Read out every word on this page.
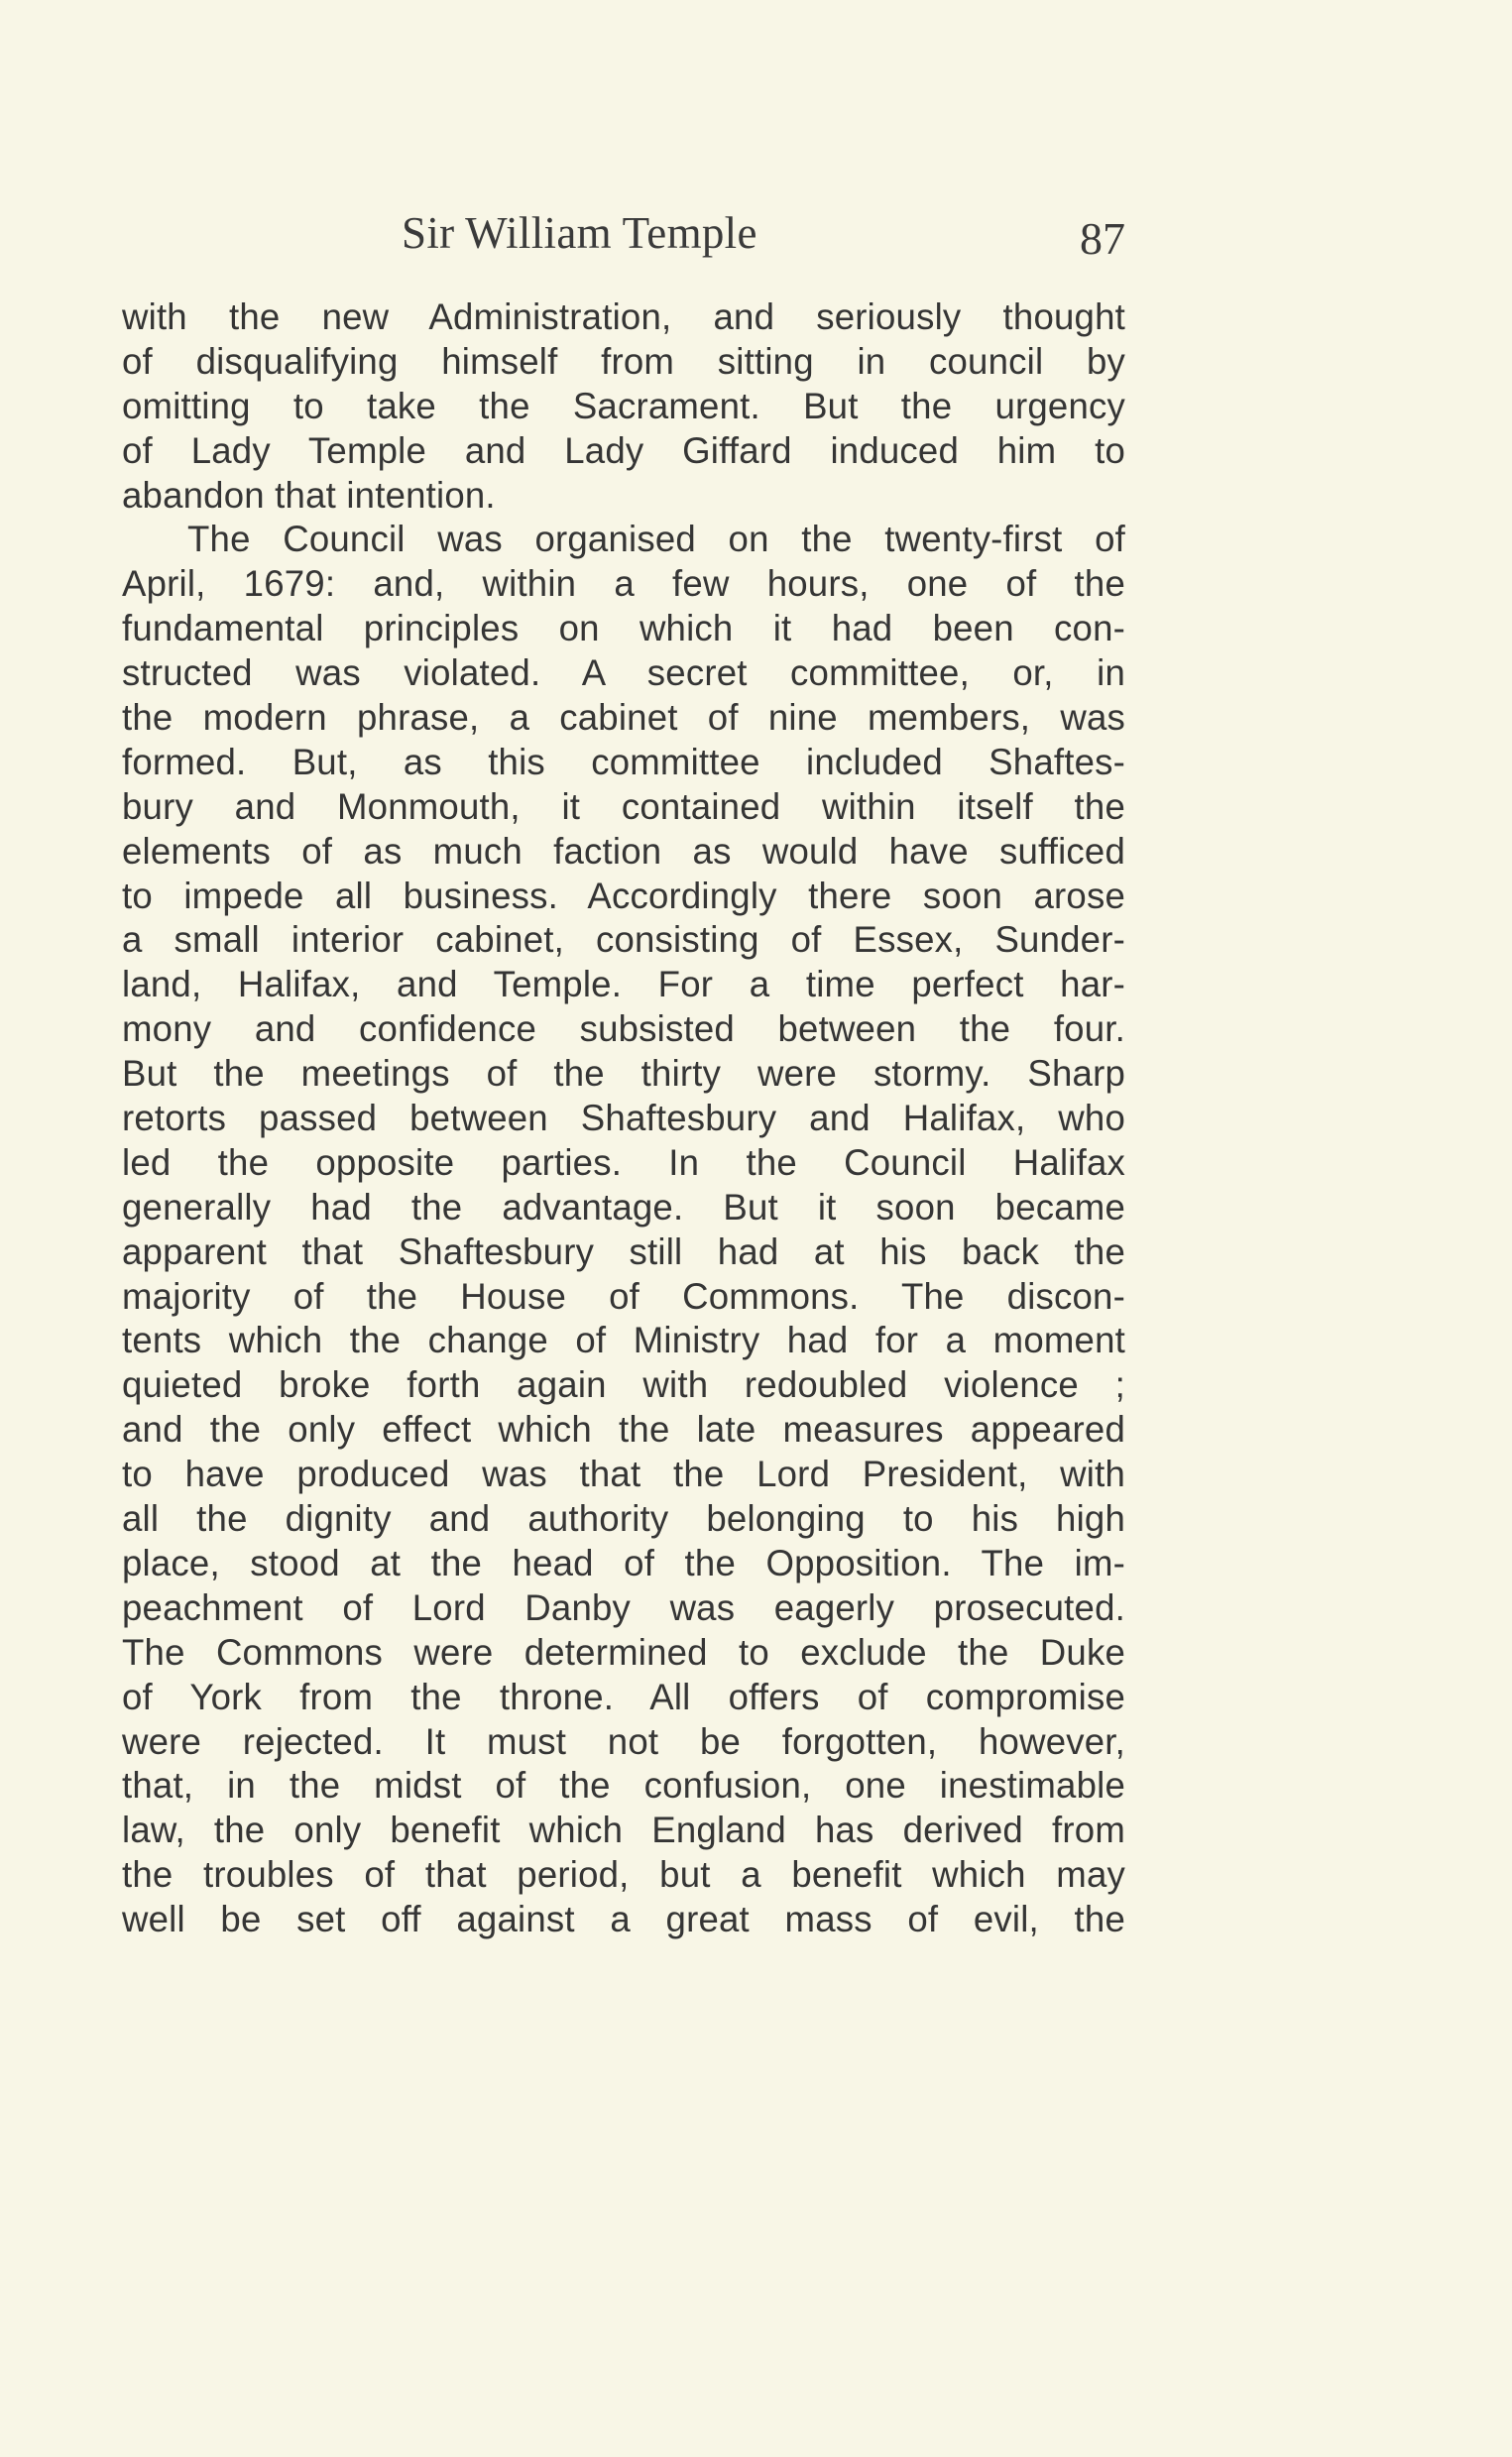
Sir William Temple	87
with the new Administration, and seriously thought
of disqualifying himself from sitting in council by
omitting to take the Sacrament. But the urgency
of Lady Temple and Lady Giffard induced him to
abandon that intention.
The Council was organised on the twenty-first of
April, 1679: and, within a few hours, one of the
fundamental principles on which it had been con-
structed was violated. A secret committee, or, in
the modern phrase, a cabinet of nine members, was
formed. But, as this committee included Shaftes-
bury and Monmouth, it contained within itself the
elements of as much faction as would have sufficed
to impede all business. Accordingly there soon arose
a small interior cabinet, consisting of Essex, Sunder-
land, Halifax, and Temple. For a time perfect har-
mony and confidence subsisted between the four.
But the meetings of the thirty were stormy. Sharp
retorts passed between Shaftesbury and Halifax, who
led the opposite parties. In the Council Halifax
generally had the advantage. But it soon became
apparent that Shaftesbury still had at his back the
majority of the House of Commons. The discon-
tents which the change of Ministry had for a moment
quieted broke forth again with redoubled violence ;
and the only effect which the late measures appeared
to have produced was that the Lord President, with
all the dignity and authority belonging to his high
place, stood at the head of the Opposition. The im-
peachment of Lord Danby was eagerly prosecuted.
The Commons were determined to exclude the Duke
of York from the throne. All offers of compromise
were rejected. It must not be forgotten, however,
that, in the midst of the confusion, one inestimable
law, the only benefit which England has derived from
the troubles of that period, but a benefit which may
well be set off against a great mass of evil, the
